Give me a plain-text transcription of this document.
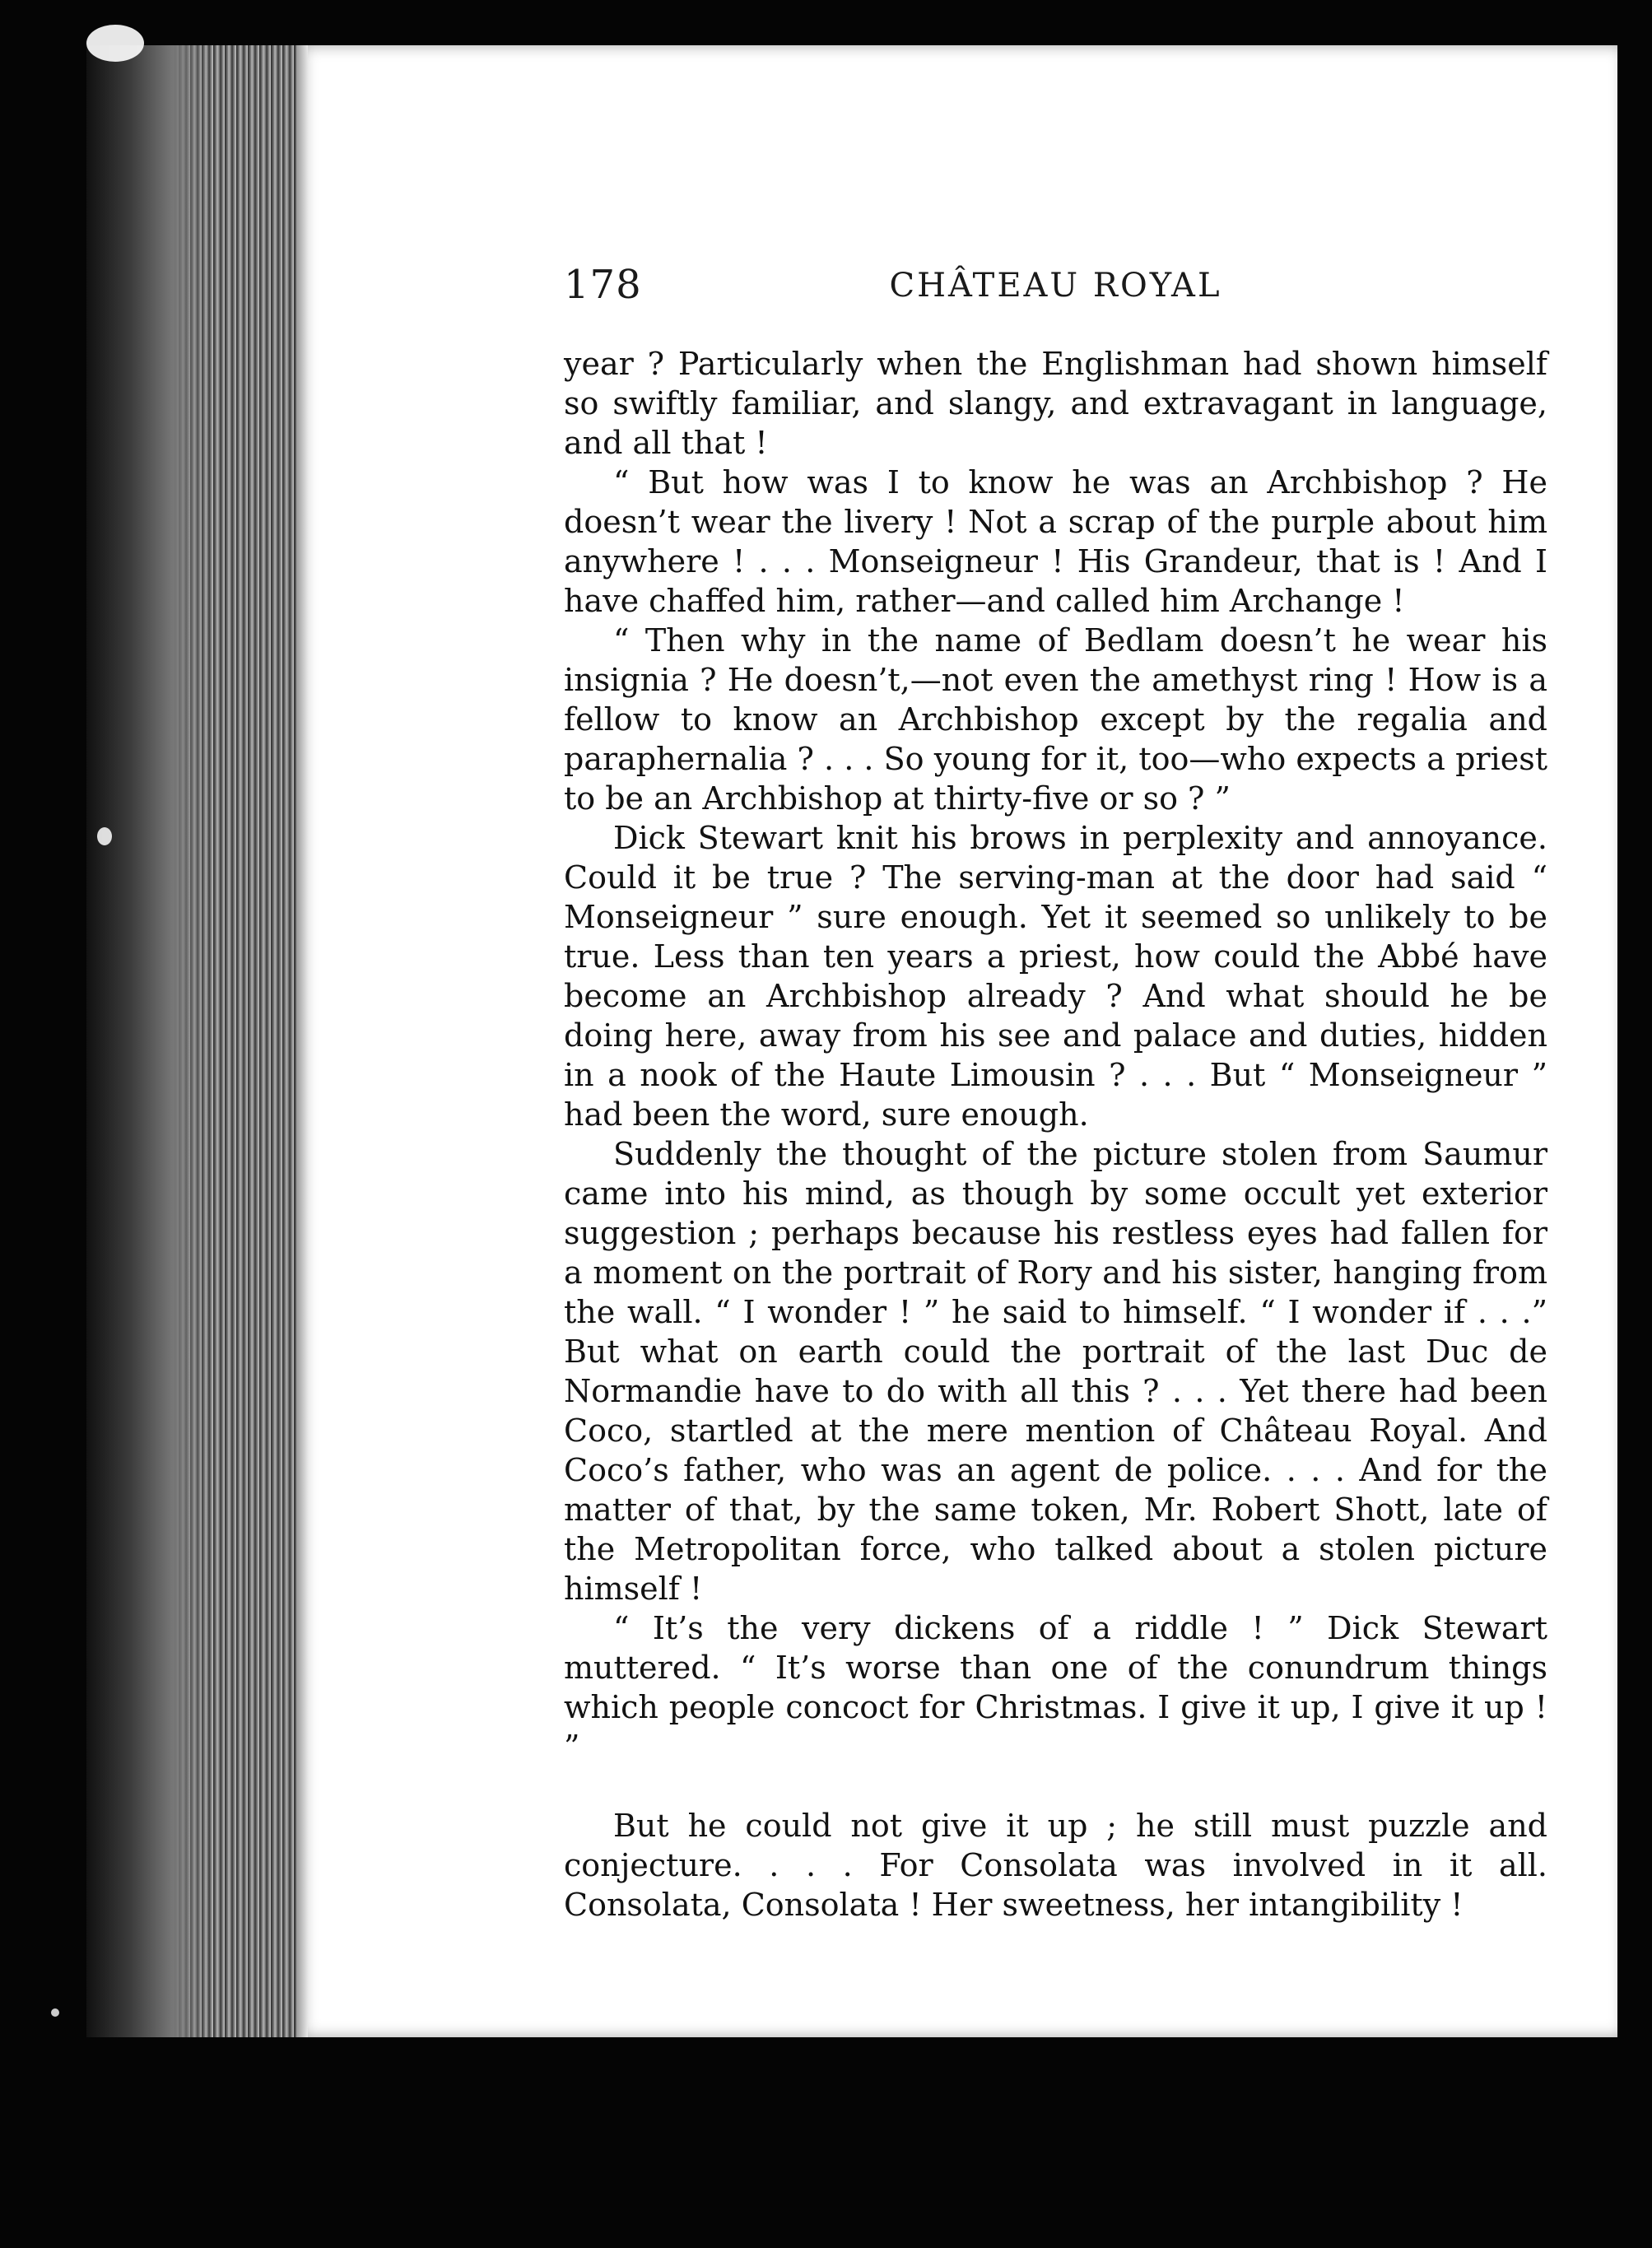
178	CHÂTEAU ROYAL

year ? Particularly when the Englishman had shown himself so swiftly familiar, and slangy, and extravagant in language, and all that !

“ But how was I to know he was an Archbishop ? He doesn’t wear the livery ! Not a scrap of the purple about him anywhere ! . . . Monseigneur ! His Grandeur, that is ! And I have chaffed him, rather—and called him Archange !

“ Then why in the name of Bedlam doesn’t he wear his insignia ? He doesn’t,—not even the amethyst ring ! How is a fellow to know an Archbishop except by the regalia and paraphernalia ? . . . So young for it, too—who expects a priest to be an Archbishop at thirty-five or so ? ”

Dick Stewart knit his brows in perplexity and annoyance. Could it be true ? The serving-man at the door had said “ Monseigneur ” sure enough. Yet it seemed so unlikely to be true. Less than ten years a priest, how could the Abbé have become an Archbishop already ? And what should he be doing here, away from his see and palace and duties, hidden in a nook of the Haute Limousin ? . . . But “ Monseigneur ” had been the word, sure enough.

Suddenly the thought of the picture stolen from Saumur came into his mind, as though by some occult yet exterior suggestion ; perhaps because his restless eyes had fallen for a moment on the portrait of Rory and his sister, hanging from the wall. “ I wonder ! ” he said to himself. “ I wonder if . . .” But what on earth could the portrait of the last Duc de Normandie have to do with all this ? . . . Yet there had been Coco, startled at the mere mention of Château Royal. And Coco’s father, who was an agent de police. . . . And for the matter of that, by the same token, Mr. Robert Shott, late of the Metropolitan force, who talked about a stolen picture himself !

“ It’s the very dickens of a riddle ! ” Dick Stewart muttered. “ It’s worse than one of the conundrum things which people concoct for Christmas. I give it up, I give it up ! ”

But he could not give it up ; he still must puzzle and conjecture. . . . For Consolata was involved in it all. Consolata, Consolata ! Her sweetness, her intangibility !
